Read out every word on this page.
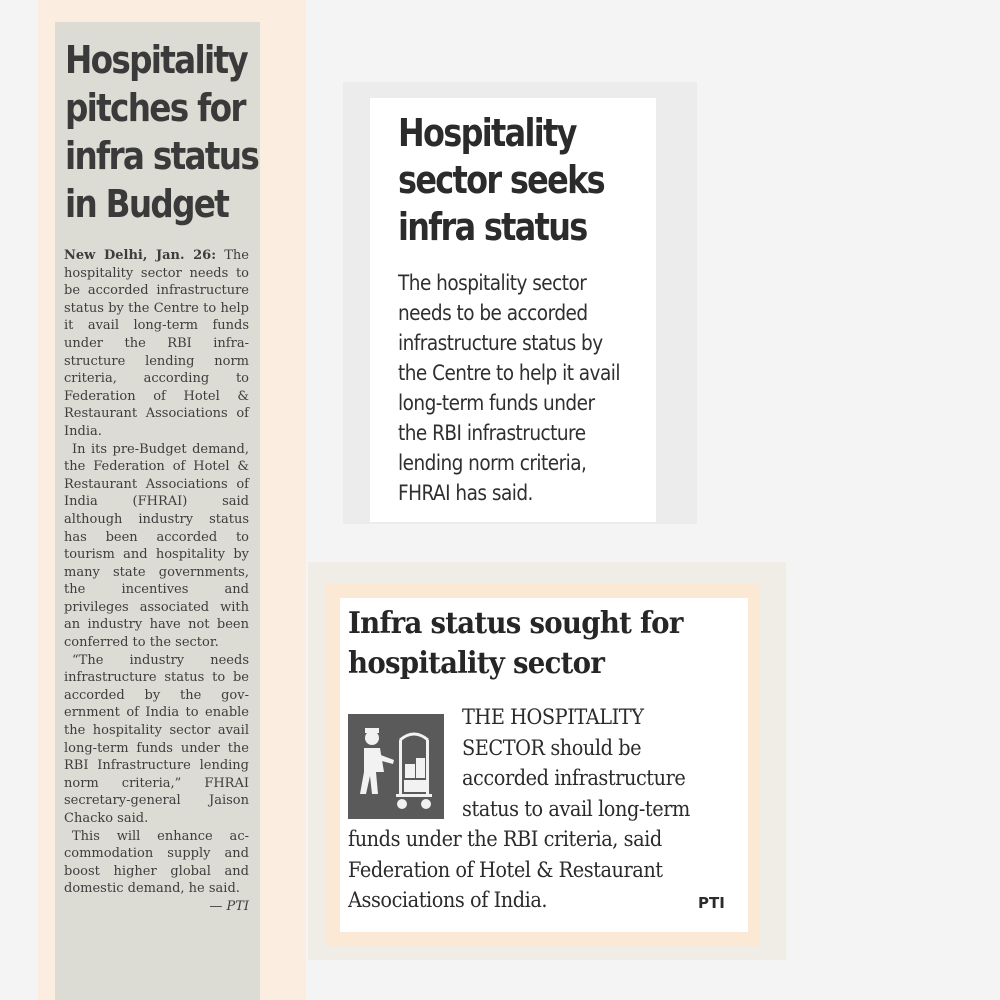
Hospitality
pitches for
infra status
in Budget

New Delhi, Jan. 26: The hospitality sector needs to be accorded infrastructure status by the Centre to help it avail long-term funds under the RBI infrastructure lending norm criteria, according to Federation of Hotel & Restaurant Associations of India.

In its pre-Budget demand, the Federation of Hotel & Restaurant Associations of India (FHRAI) said although industry status has been accorded to tourism and hospitality by many state governments, the incentives and privileges associated with an industry have not been conferred to the sector.

“The industry needs infrastructure status to be accorded by the government of India to enable the hospitality sector avail long-term funds under the RBI Infrastructure lending norm criteria,” FHRAI secretary-general Jaison Chacko said.

This will enhance accommodation supply and boost higher global and domestic demand, he said.
— PTI

Hospitality
sector seeks
infra status
The hospitality sector
needs to be accorded
infrastructure status by
the Centre to help it avail
long-term funds under
the RBI infrastructure
lending norm criteria,
FHRAI has said.
Infra status sought for
hospitality sector
THE HOSPITALITY
SECTOR should be
accorded infrastructure
status to avail long-term
funds under the RBI criteria, said
Federation of Hotel & Restaurant
Associations of India.	PTI
